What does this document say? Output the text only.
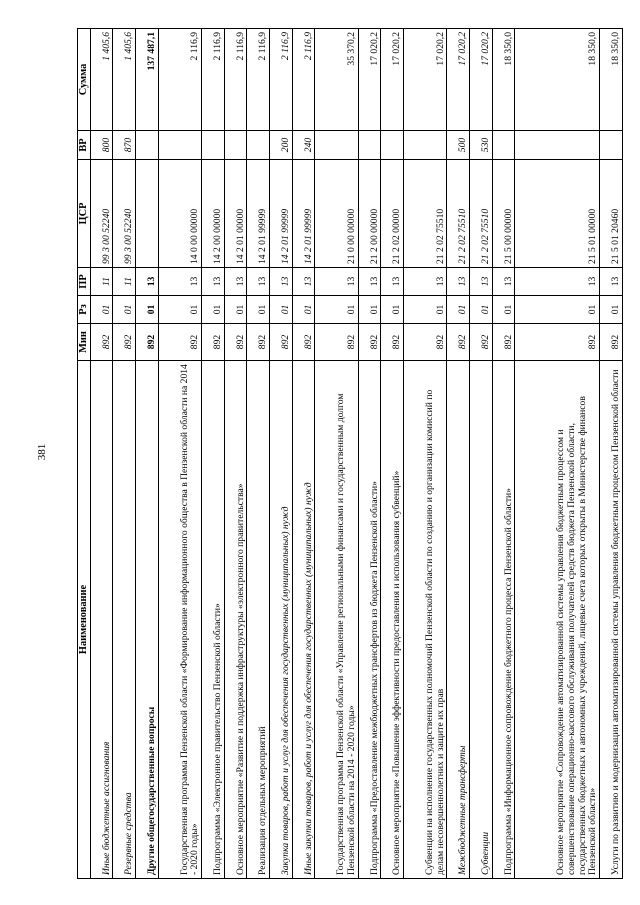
381
Наименование	Мин	Рз	ПР	ЦСР	ВР	Сумма
Иные бюджетные ассигнования	892	01	11	99 3 00 52240	800	1 405,6
Резервные средства	892	01	11	99 3 00 52240	870	1 405,6
Другие общегосударственные вопросы	892	01	13			137 487,1
Государственная программа Пензенской области «Формирование информационного общества в Пензенской области на 2014 - 2020 годы»	892	01	13	14 0 00 00000		2 116,9
Подпрограмма «Электронное правительство Пензенской области»	892	01	13	14 2 00 00000		2 116,9
Основное мероприятие «Развитие и поддержка инфраструктуры «электронного правительства»	892	01	13	14 2 01 00000		2 116,9
Реализация отдельных мероприятий	892	01	13	14 2 01 99999		2 116,9
Закупка товаров, работ и услуг для обеспечения государственных (муниципальных) нужд	892	01	13	14 2 01 99999	200	2 116,9
Иные закупки товаров, работ и услуг для обеспечения государственных (муниципальных) нужд	892	01	13	14 2 01 99999	240	2 116,9
Государственная программа Пензенской области «Управление региональными финансами и государственным долгом Пензенской области на 2014 - 2020 годы»	892	01	13	21 0 00 00000		35 370,2
Подпрограмма «Предоставление межбюджетных трансфертов из бюджета Пензенской области»	892	01	13	21 2 00 00000		17 020,2
Основное мероприятие «Повышение эффективности предоставления и использования субвенций»	892	01	13	21 2 02 00000		17 020,2
Субвенции на исполнение государственных полномочий Пензенской области по созданию и организации комиссий по делам несовершеннолетних и защите их прав	892	01	13	21 2 02 75510		17 020,2
Межбюджетные трансферты	892	01	13	21 2 02 75510	500	17 020,2
Субвенции	892	01	13	21 2 02 75510	530	17 020,2
Подпрограмма «Информационное сопровождение бюджетного процесса Пензенской области»	892	01	13	21 5 00 00000		18 350,0
Основное мероприятие «Сопровождение автоматизированной системы управления бюджетным процессом и совершенствование операционно-кассового обслуживания получателей средств бюджета Пензенской области, государственных бюджетных и автономных учреждений, лицевые счета которых открыты в Министерстве финансов Пензенской области»	892	01	13	21 5 01 00000		18 350,0
Услуги по развитию и модернизации автоматизированной системы управления бюджетным процессом Пензенской области	892	01	13	21 5 01 20460		18 350,0
